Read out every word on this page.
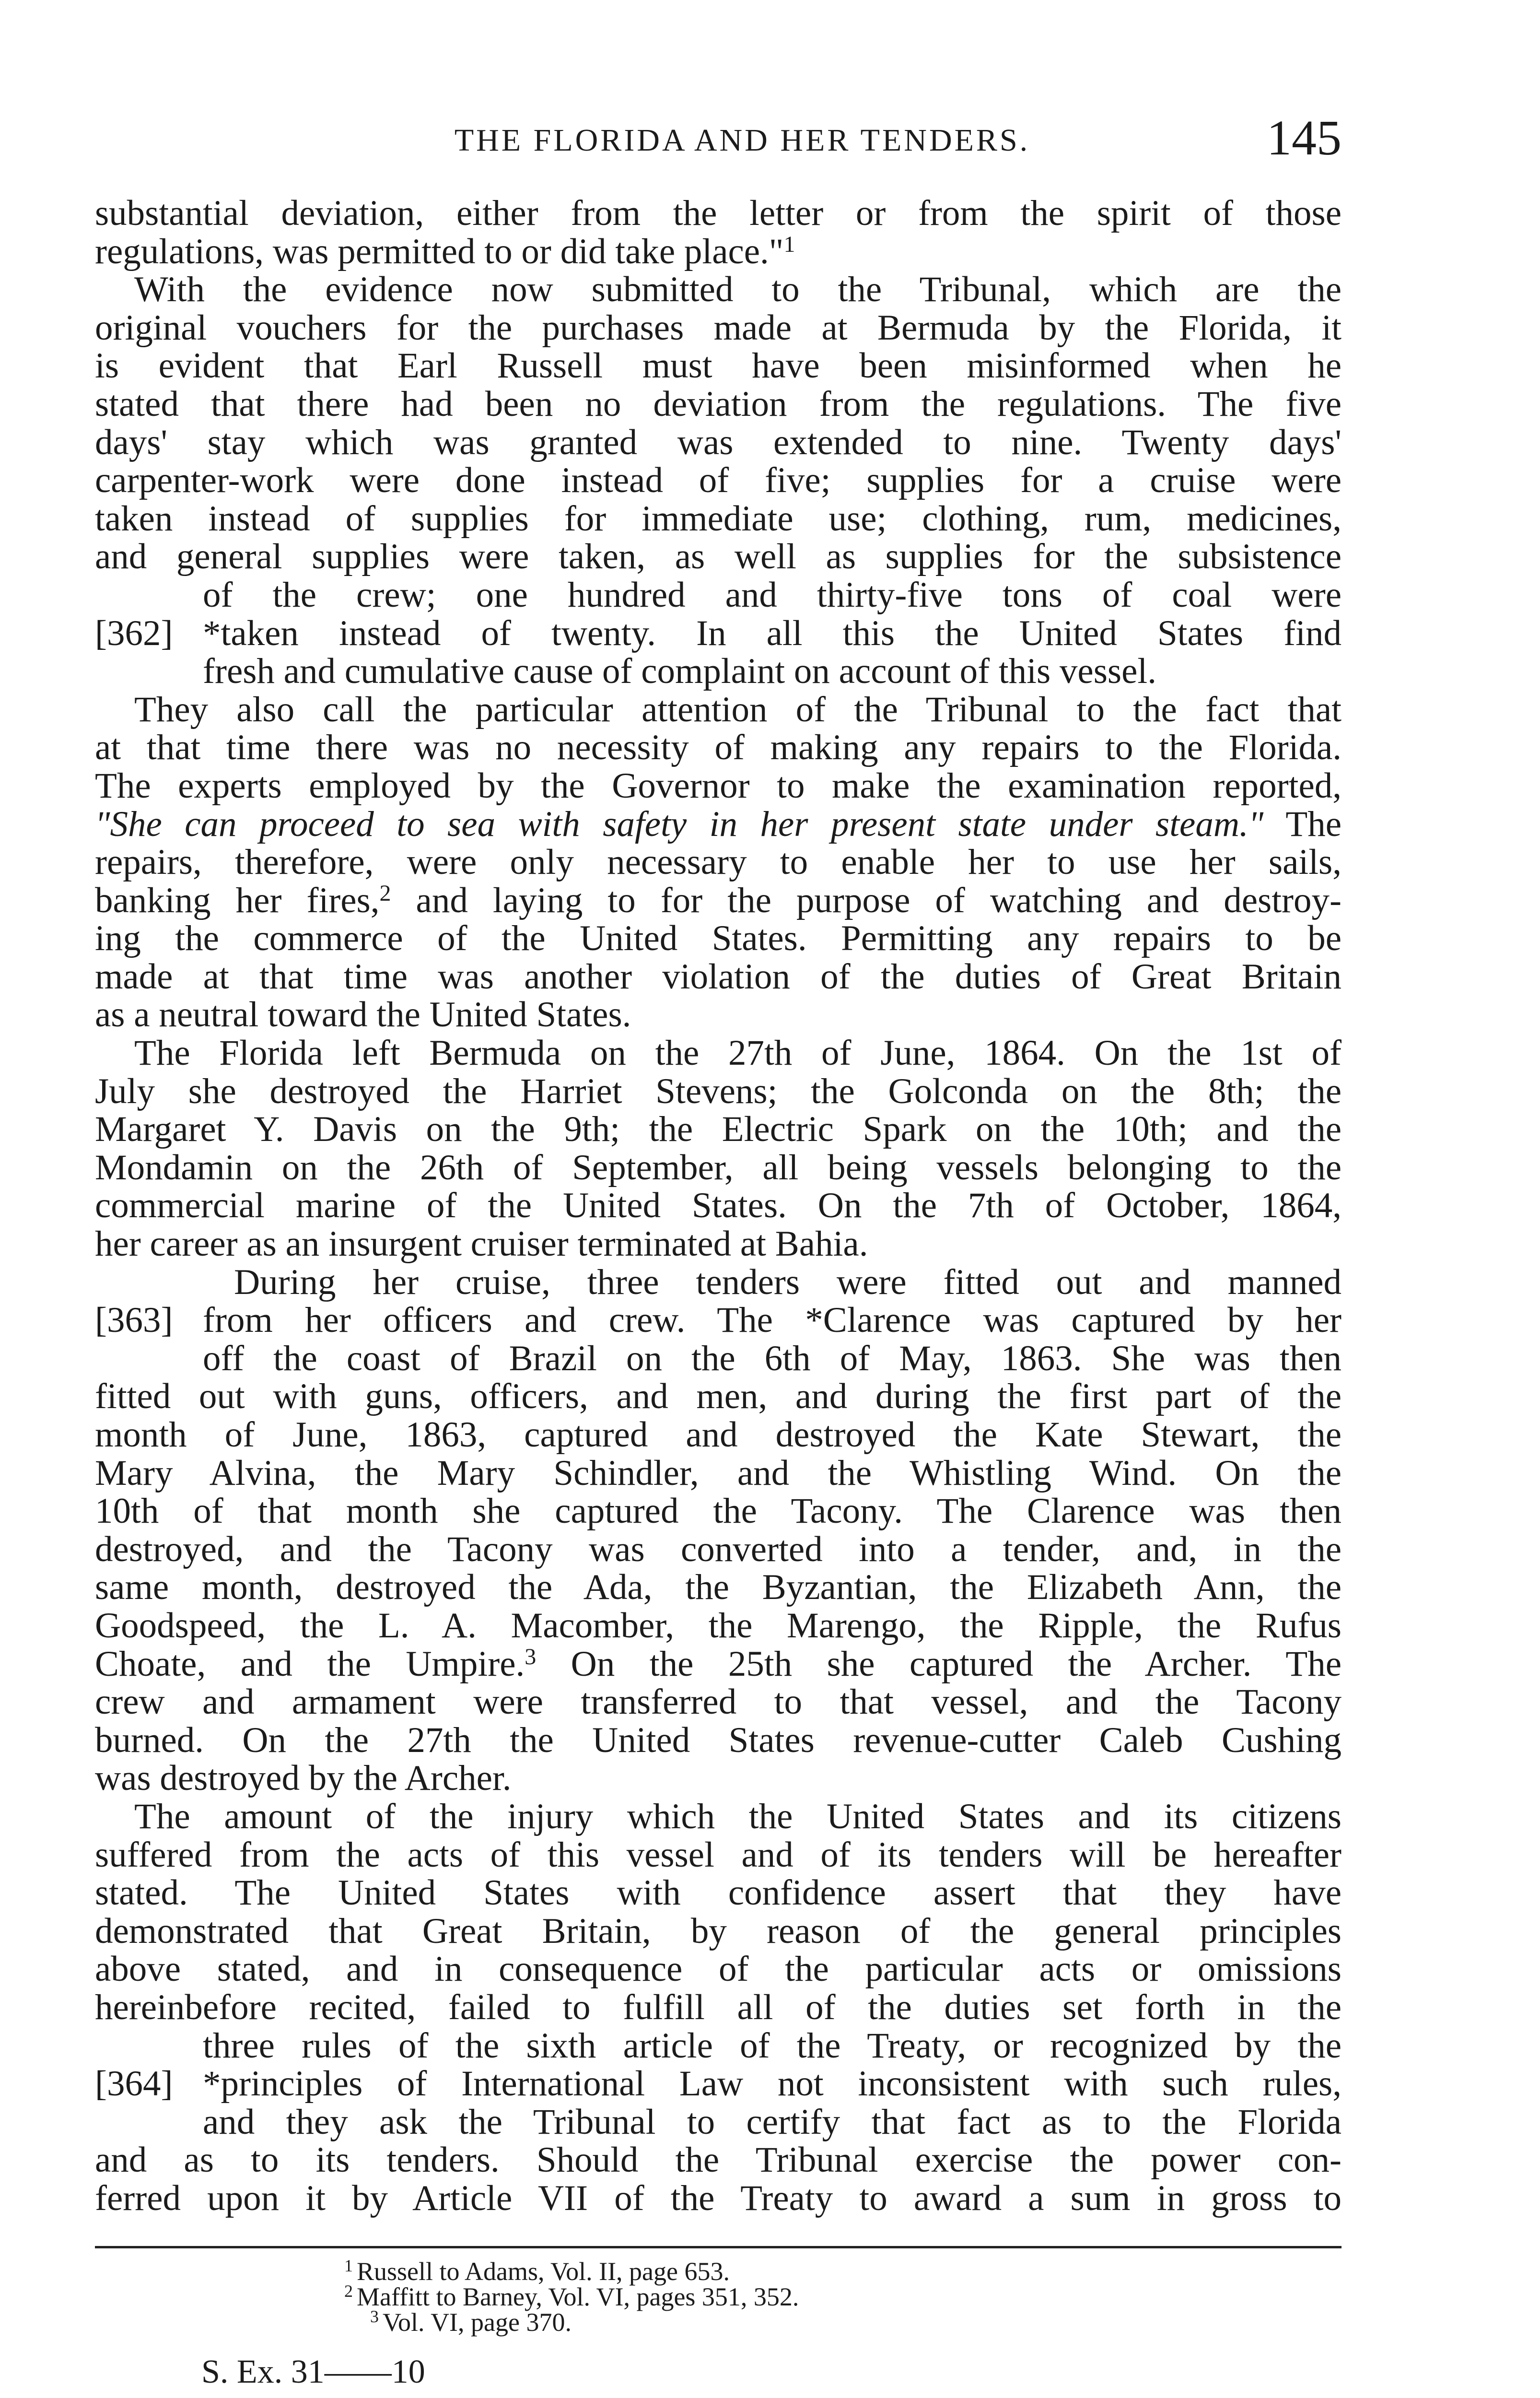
THE FLORIDA AND HER TENDERS.	145
substantial deviation, either from the letter or from the spirit of those
regulations, was permitted to or did take place."$^1$
With the evidence now submitted to the Tribunal, which are the
original vouchers for the purchases made at Bermuda by the Florida, it
is evident that Earl Russell must have been misinformed when he
stated that there had been no deviation from the regulations. The five
days' stay which was granted was extended to nine. Twenty days'
carpenter-work were done instead of five; supplies for a cruise were
taken instead of supplies for immediate use; clothing, rum, medicines,
and general supplies were taken, as well as supplies for the subsistence
of the crew; one hundred and thirty-five tons of coal were
[362] *taken instead of twenty. In all this the United States find
fresh and cumulative cause of complaint on account of this vessel.
They also call the particular attention of the Tribunal to the fact that
at that time there was no necessity of making any repairs to the Florida.
The experts employed by the Governor to make the examination reported,
"She can proceed to sea with safety in her present state under steam." The
repairs, therefore, were only necessary to enable her to use her sails,
banking her fires,$^2$ and laying to for the purpose of watching and destroy-
ing the commerce of the United States. Permitting any repairs to be
made at that time was another violation of the duties of Great Britain
as a neutral toward the United States.
The Florida left Bermuda on the 27th of June, 1864. On the 1st of
July she destroyed the Harriet Stevens; the Golconda on the 8th; the
Margaret Y. Davis on the 9th; the Electric Spark on the 10th; and the
Mondamin on the 26th of September, all being vessels belonging to the
commercial marine of the United States. On the 7th of October, 1864,
her career as an insurgent cruiser terminated at Bahia.
During her cruise, three tenders were fitted out and manned
[363] from her officers and crew. The *Clarence was captured by her
off the coast of Brazil on the 6th of May, 1863. She was then
fitted out with guns, officers, and men, and during the first part of the
month of June, 1863, captured and destroyed the Kate Stewart, the
Mary Alvina, the Mary Schindler, and the Whistling Wind. On the
10th of that month she captured the Tacony. The Clarence was then
destroyed, and the Tacony was converted into a tender, and, in the
same month, destroyed the Ada, the Byzantian, the Elizabeth Ann, the
Goodspeed, the L. A. Macomber, the Marengo, the Ripple, the Rufus
Choate, and the Umpire.$^3$ On the 25th she captured the Archer. The
crew and armament were transferred to that vessel, and the Tacony
burned. On the 27th the United States revenue-cutter Caleb Cushing
was destroyed by the Archer.
The amount of the injury which the United States and its citizens
suffered from the acts of this vessel and of its tenders will be hereafter
stated. The United States with confidence assert that they have
demonstrated that Great Britain, by reason of the general principles
above stated, and in consequence of the particular acts or omissions
hereinbefore recited, failed to fulfill all of the duties set forth in the
three rules of the sixth article of the Treaty, or recognized by the
[364] *principles of International Law not inconsistent with such rules,
and they ask the Tribunal to certify that fact as to the Florida
and as to its tenders. Should the Tribunal exercise the power con-
ferred upon it by Article VII of the Treaty to award a sum in gross to
$^1$ Russell to Adams, Vol. II, page 653.
$^2$ Maffitt to Barney, Vol. VI, pages 351, 352.
$^3$ Vol. VI, page 370.
S. Ex. 31——10
